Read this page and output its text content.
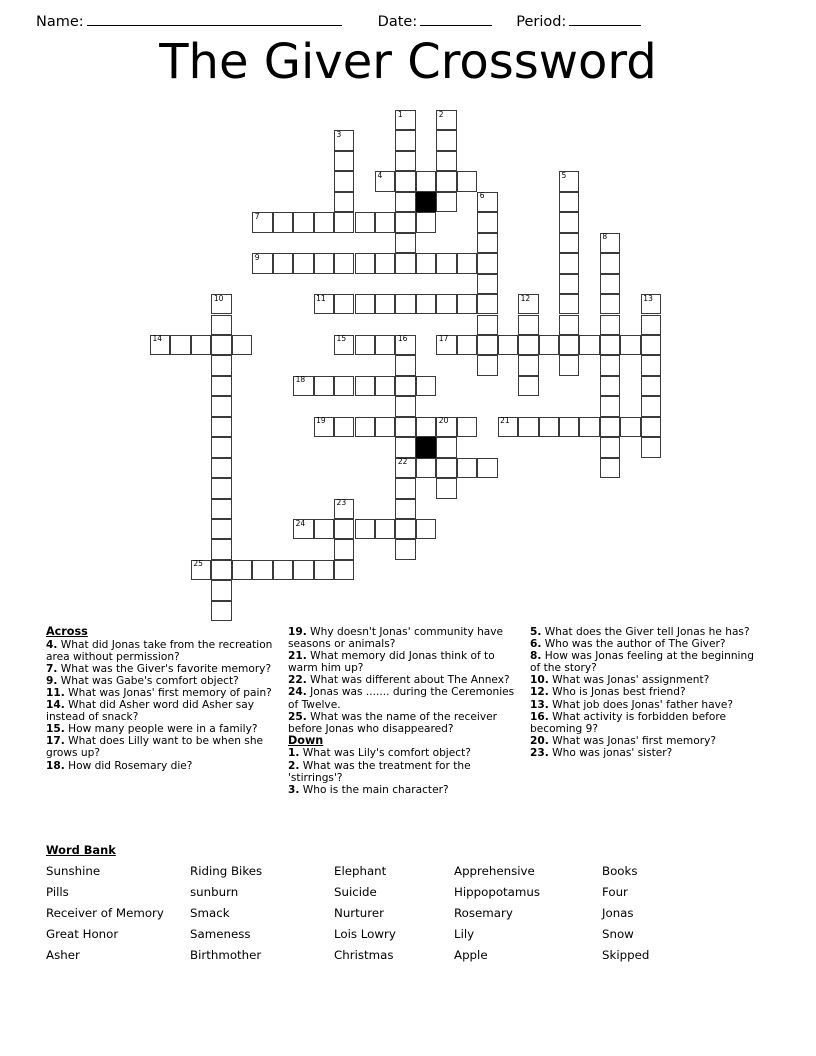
Name:	Date:	Period:
The Giver Crossword
1	2
3
4	5
6
7
8
9
10	11	12	13
14	15	16	17
18
19	20	21
22
23
24
25
Across
4. What did Jonas take from the recreation area without permission?
7. What was the Giver's favorite memory?
9. What was Gabe's comfort object?
11. What was Jonas' first memory of pain?
14. What did Asher word did Asher say instead of snack?
15. How many people were in a family?
17. What does Lilly want to be when she grows up?
18. How did Rosemary die?
19. Why doesn't Jonas' community have seasons or animals?
21. What memory did Jonas think of to warm him up?
22. What was different about The Annex?
24. Jonas was ....... during the Ceremonies of Twelve.
25. What was the name of the receiver before Jonas who disappeared?
Down
1. What was Lily's comfort object?
2. What was the treatment for the 'stirrings'?
3. Who is the main character?
5. What does the Giver tell Jonas he has?
6. Who was the author of The Giver?
8. How was Jonas feeling at the beginning of the story?
10. What was Jonas' assignment?
12. Who is Jonas best friend?
13. What job does Jonas' father have?
16. What activity is forbidden before becoming 9?
20. What was Jonas' first memory?
23. Who was jonas' sister?
Word Bank
Sunshine	Riding Bikes	Elephant	Apprehensive	Books
Pills	sunburn	Suicide	Hippopotamus	Four
Receiver of Memory	Smack	Nurturer	Rosemary	Jonas
Great Honor	Sameness	Lois Lowry	Lily	Snow
Asher	Birthmother	Christmas	Apple	Skipped
